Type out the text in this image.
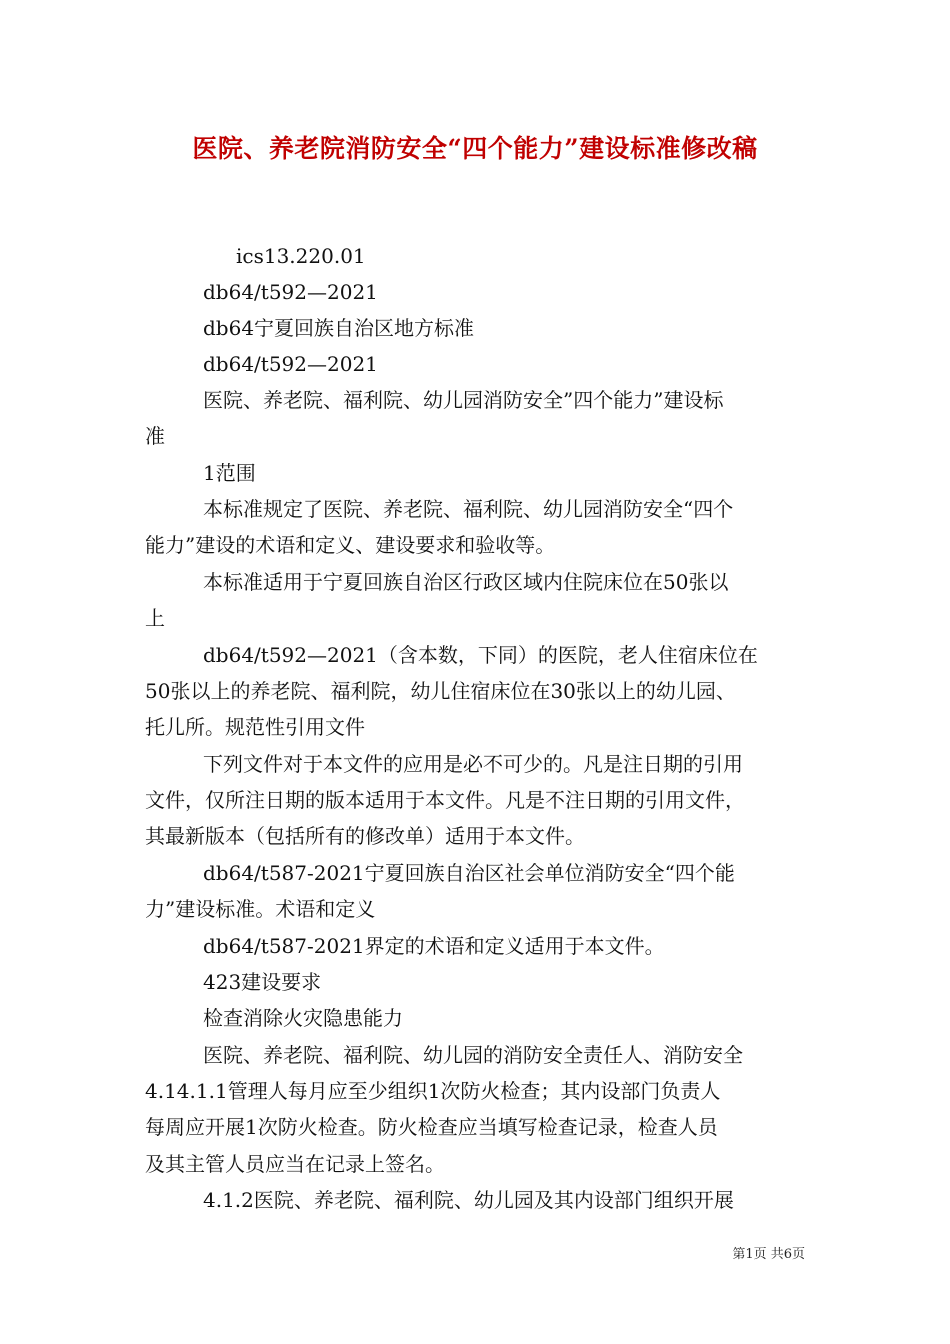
医院、养老院消防安全“四个能力”建设标准修改稿
ics13.220.01
db64/t592—2021
db64宁夏回族自治区地方标准
db64/t592—2021
医院、养老院、福利院、幼儿园消防安全”四个能力”建设标
准
1范围
本标准规定了医院、养老院、福利院、幼儿园消防安全“四个
能力”建设的术语和定义、建设要求和验收等。
本标准适用于宁夏回族自治区行政区域内住院床位在50张以
上
db64/t592—2021（含本数，下同）的医院，老人住宿床位在
50张以上的养老院、福利院，幼儿住宿床位在30张以上的幼儿园、
托儿所。规范性引用文件
下列文件对于本文件的应用是必不可少的。凡是注日期的引用
文件，仅所注日期的版本适用于本文件。凡是不注日期的引用文件，
其最新版本（包括所有的修改单）适用于本文件。
db64/t587-2021宁夏回族自治区社会单位消防安全“四个能
力”建设标准。术语和定义
db64/t587-2021界定的术语和定义适用于本文件。
423建设要求
检查消除火灾隐患能力
医院、养老院、福利院、幼儿园的消防安全责任人、消防安全
4.14.1.1管理人每月应至少组织1次防火检查；其内设部门负责人
每周应开展1次防火检查。防火检查应当填写检查记录，检查人员
及其主管人员应当在记录上签名。
4.1.2医院、养老院、福利院、幼儿园及其内设部门组织开展
第1页 共6页
